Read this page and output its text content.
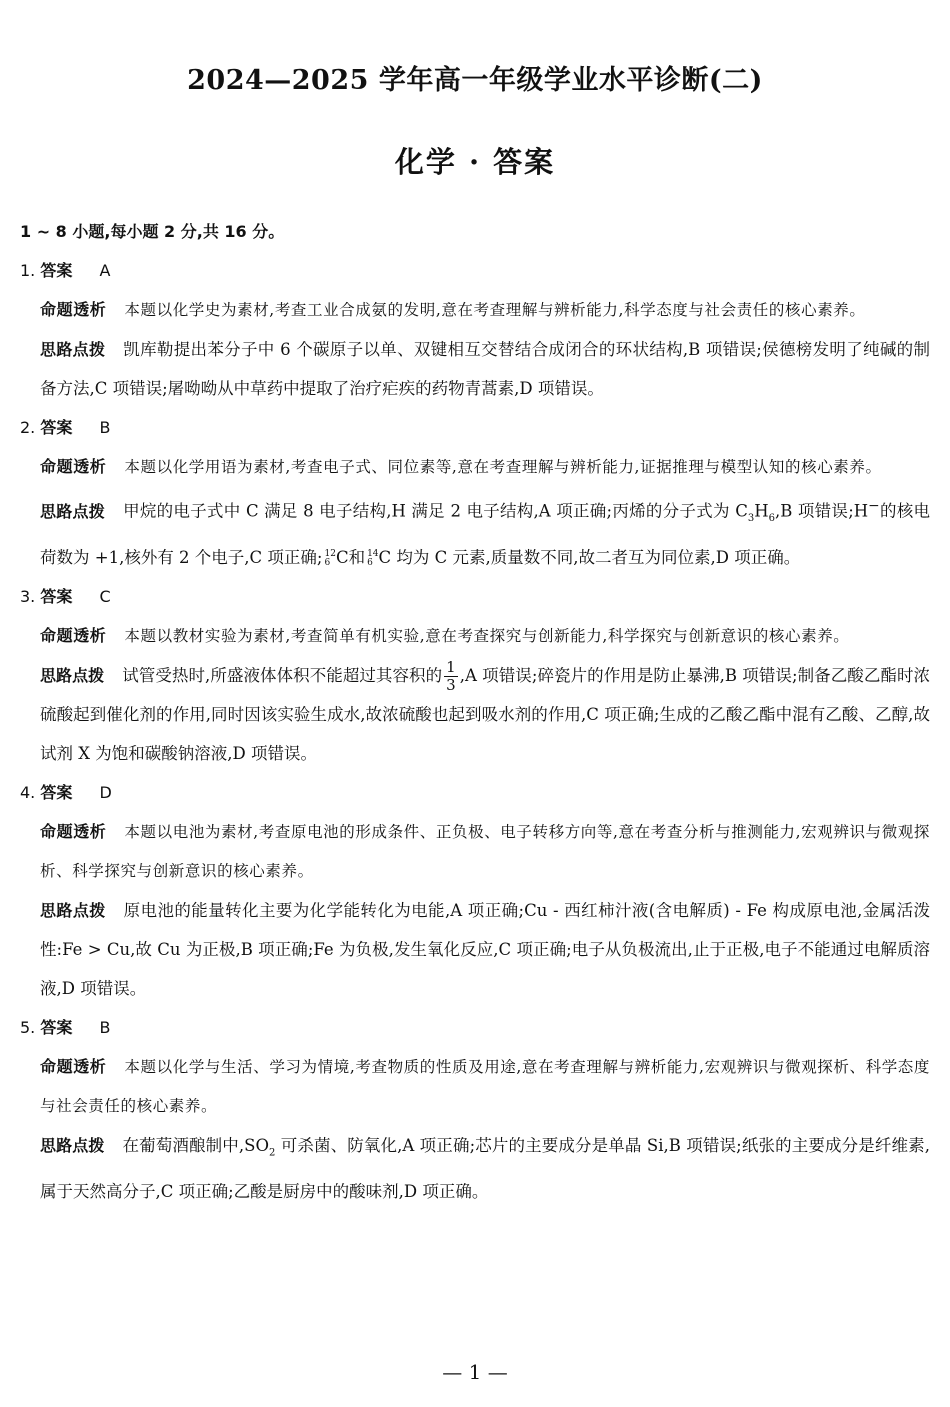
2024—2025 学年高一年级学业水平诊断(二)
化学 · 答案
1 ~ 8 小题,每小题 2 分,共 16 分。
1. 答案 A
命题透析 本题以化学史为素材,考查工业合成氨的发明,意在考查理解与辨析能力,科学态度与社会责任的核心素养。
思路点拨 凯库勒提出苯分子中 6 个碳原子以单、双键相互交替结合成闭合的环状结构,B 项错误;侯德榜发明了纯碱的制备方法,C 项错误;屠呦呦从中草药中提取了治疗疟疾的药物青蒿素,D 项错误。
2. 答案 B
命题透析 本题以化学用语为素材,考查电子式、同位素等,意在考查理解与辨析能力,证据推理与模型认知的核心素养。
思路点拨 甲烷的电子式中 C 满足 8 电子结构,H 满足 2 电子结构,A 项正确;丙烯的分子式为 $C_3H_6,B$ 项错误;H−的核电荷数为 +1,核外有 2 个电子,C 项正确; 12
6 C和 14
6 C 均为 C 元素,质量数不同,故二者互为同位素,D 项正确。
3. 答案 C
命题透析 本题以教材实验为素材,考查简单有机实验,意在考查探究与创新能力,科学探究与创新意识的核心素养。
思路点拨 试管受热时,所盛液体体积不能超过其容积的 $\frac{1}{3} ,A$ 项错误;碎瓷片的作用是防止暴沸,B 项错误;制备乙酸乙酯时浓硫酸起到催化剂的作用,同时因该实验生成水,故浓硫酸也起到吸水剂的作用,C 项正确;生成的乙酸乙酯中混有乙酸、乙醇,故试剂 X 为饱和碳酸钠溶液,D 项错误。
4. 答案 D
命题透析 本题以电池为素材,考查原电池的形成条件、正负极、电子转移方向等,意在考查分析与推测能力,宏观辨识与微观探析、科学探究与创新意识的核心素养。
思路点拨 原电池的能量转化主要为化学能转化为电能,A 项正确;Cu - 西红柿汁液(含电解质) - Fe 构成原电池,金属活泼性:Fe > Cu,故 Cu 为正极,B 项正确;Fe 为负极,发生氧化反应,C 项正确;电子从负极流出,止于正极,电子不能通过电解质溶液,D 项错误。
5. 答案 B
命题透析 本题以化学与生活、学习为情境,考查物质的性质及用途,意在考查理解与辨析能力,宏观辨识与微观探析、科学态度与社会责任的核心素养。
思路点拨 在葡萄酒酿制中$,SO_2$ 可杀菌、防氧化,A 项正确;芯片的主要成分是单晶 Si,B 项错误;纸张的主要成分是纤维素,属于天然高分子,C 项正确;乙酸是厨房中的酸味剂,D 项正确。
— 1 —
